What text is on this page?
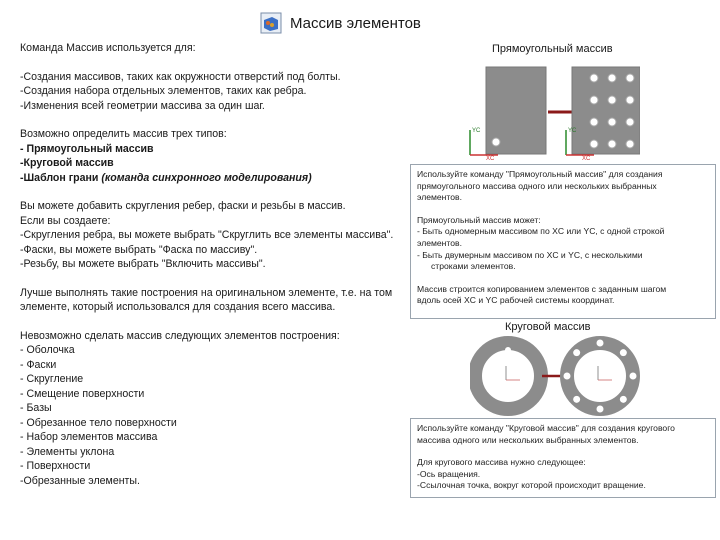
Массив элементов
Команда Массив используется для:
-Создания массивов, таких как окружности отверстий под болты.
-Создания набора отдельных элементов, таких как ребра.
-Изменения всей геометрии массива за один шаг.
Возможно определить массив трех типов:
- Прямоугольный массив
-Круговой массив
-Шаблон грани (команда синхронного моделирования)
Вы можете добавить скругления ребер, фаски и резьбы в массив.
Если вы создаете:
-Скругления ребра, вы можете выбрать "Скруглить все элементы массива".
-Фаски, вы можете выбрать "Фаска по массиву".
-Резьбу, вы можете выбрать "Включить массивы".
Лучше выполнять такие построения на оригинальном элементе, т.е. на том
элементе, который использовался для создания всего массива.
Невозможно сделать массив следующих элементов построения:
- Оболочка
- Фаски
- Скругление
- Смещение поверхности
- Базы
- Обрезанное тело поверхности
- Набор элементов массива
- Элементы уклона
- Поверхности
-Обрезанные элементы.
Прямоугольный массив
YC
XC
YC
XC
Используйте команду "Прямоугольный массив" для создания
прямоугольного массива одного или нескольких выбранных
элементов.
Прямоугольный массив может:
- Быть одномерным массивом по XC или YC, с одной строкой
элементов.
- Быть двумерным массивом по XC и YC, с несколькими
строками элементов.
Массив строится копированием элементов с заданным шагом
вдоль осей XC и YC рабочей системы координат.
Круговой массив
Используйте команду "Круговой массив" для создания кругового
массива одного или нескольких выбранных элементов.
Для кругового массива нужно следующее:
-Ось вращения.
-Ссылочная точка, вокруг которой происходит вращение.
